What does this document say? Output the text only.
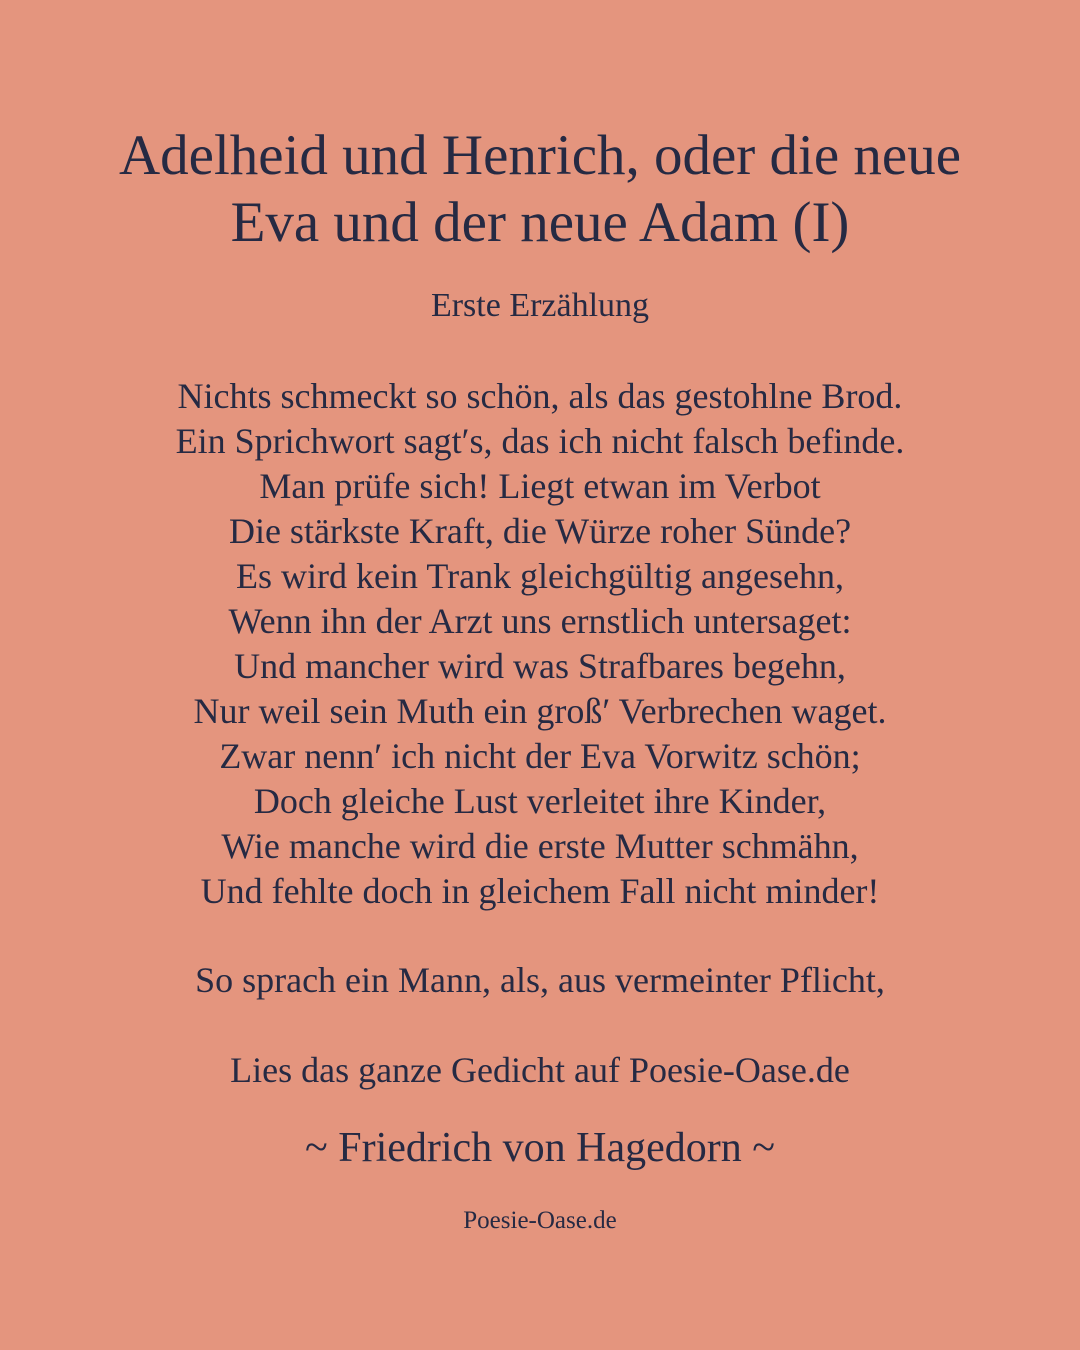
Adelheid und Henrich, oder die neue
Eva und der neue Adam (I)
Erste Erzählung
Nichts schmeckt so schön, als das gestohlne Brod.
Ein Sprichwort sagt′s, das ich nicht falsch befinde.
Man prüfe sich! Liegt etwan im Verbot
Die stärkste Kraft, die Würze roher Sünde?
Es wird kein Trank gleichgültig angesehn,
Wenn ihn der Arzt uns ernstlich untersaget:
Und mancher wird was Strafbares begehn,
Nur weil sein Muth ein groß′ Verbrechen waget.
Zwar nenn′ ich nicht der Eva Vorwitz schön;
Doch gleiche Lust verleitet ihre Kinder,
Wie manche wird die erste Mutter schmähn,
Und fehlte doch in gleichem Fall nicht minder!
So sprach ein Mann, als, aus vermeinter Pflicht,
Lies das ganze Gedicht auf Poesie-Oase.de
~ Friedrich von Hagedorn ~
Poesie-Oase.de
